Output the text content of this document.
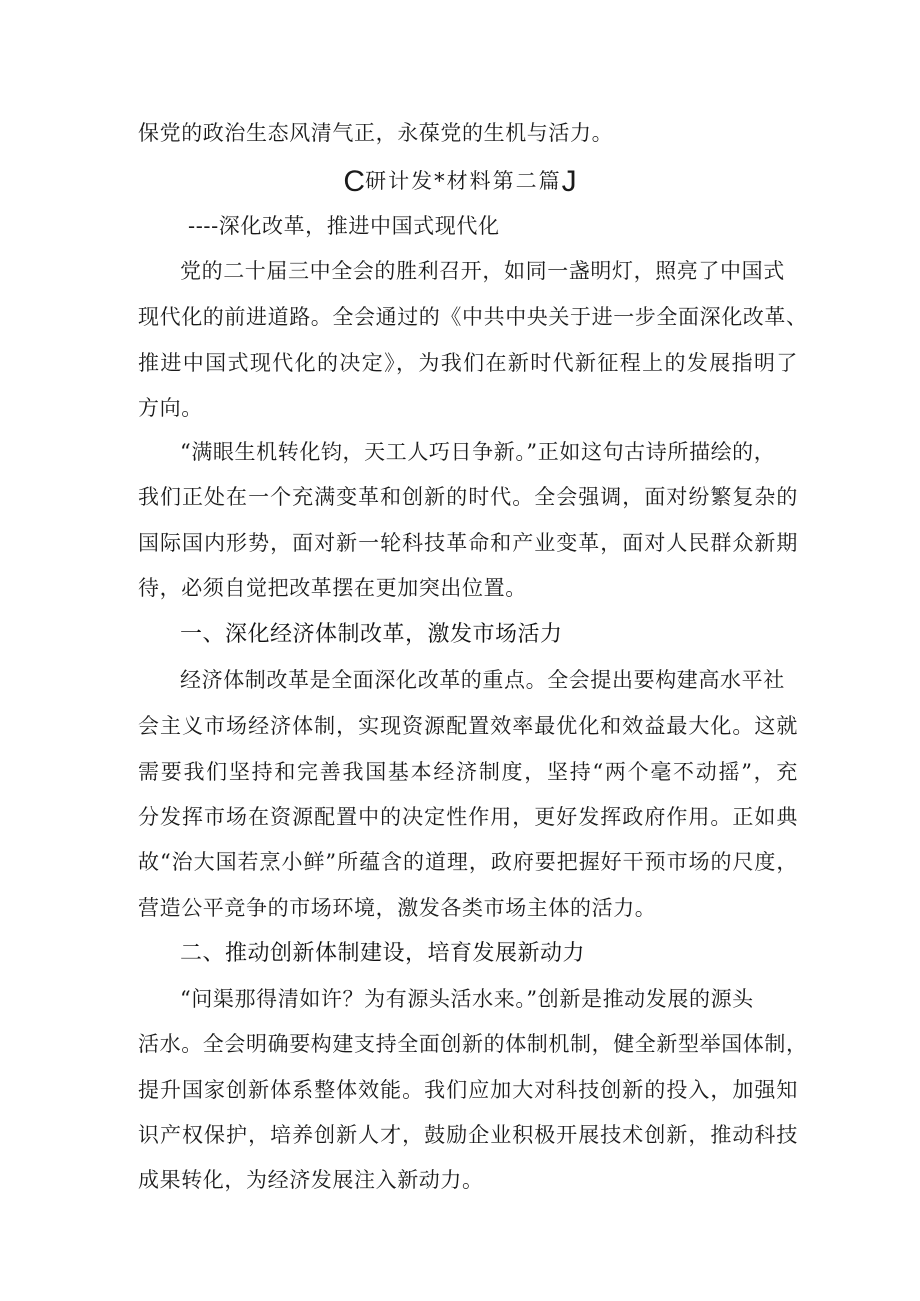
保党的政治生态风清气正，永葆党的生机与活力。
C研计发*材料第二篇J
----深化改革，推进中国式现代化
党的二十届三中全会的胜利召开，如同一盏明灯，照亮了中国式
现代化的前进道路。全会通过的《中共中央关于进一步全面深化改革、
推进中国式现代化的决定》，为我们在新时代新征程上的发展指明了
方向。
“满眼生机转化钧，天工人巧日争新。”正如这句古诗所描绘的，
我们正处在一个充满变革和创新的时代。全会强调，面对纷繁复杂的
国际国内形势，面对新一轮科技革命和产业变革，面对人民群众新期
待，必须自觉把改革摆在更加突出位置。
一、深化经济体制改革，激发市场活力
经济体制改革是全面深化改革的重点。全会提出要构建高水平社
会主义市场经济体制，实现资源配置效率最优化和效益最大化。这就
需要我们坚持和完善我国基本经济制度，坚持“两个毫不动摇”，充
分发挥市场在资源配置中的决定性作用，更好发挥政府作用。正如典
故“治大国若烹小鲜”所蕴含的道理，政府要把握好干预市场的尺度，
营造公平竞争的市场环境，激发各类市场主体的活力。
二、推动创新体制建设，培育发展新动力
“问渠那得清如许？为有源头活水来。”创新是推动发展的源头
活水。全会明确要构建支持全面创新的体制机制，健全新型举国体制，
提升国家创新体系整体效能。我们应加大对科技创新的投入，加强知
识产权保护，培养创新人才，鼓励企业积极开展技术创新，推动科技
成果转化，为经济发展注入新动力。
